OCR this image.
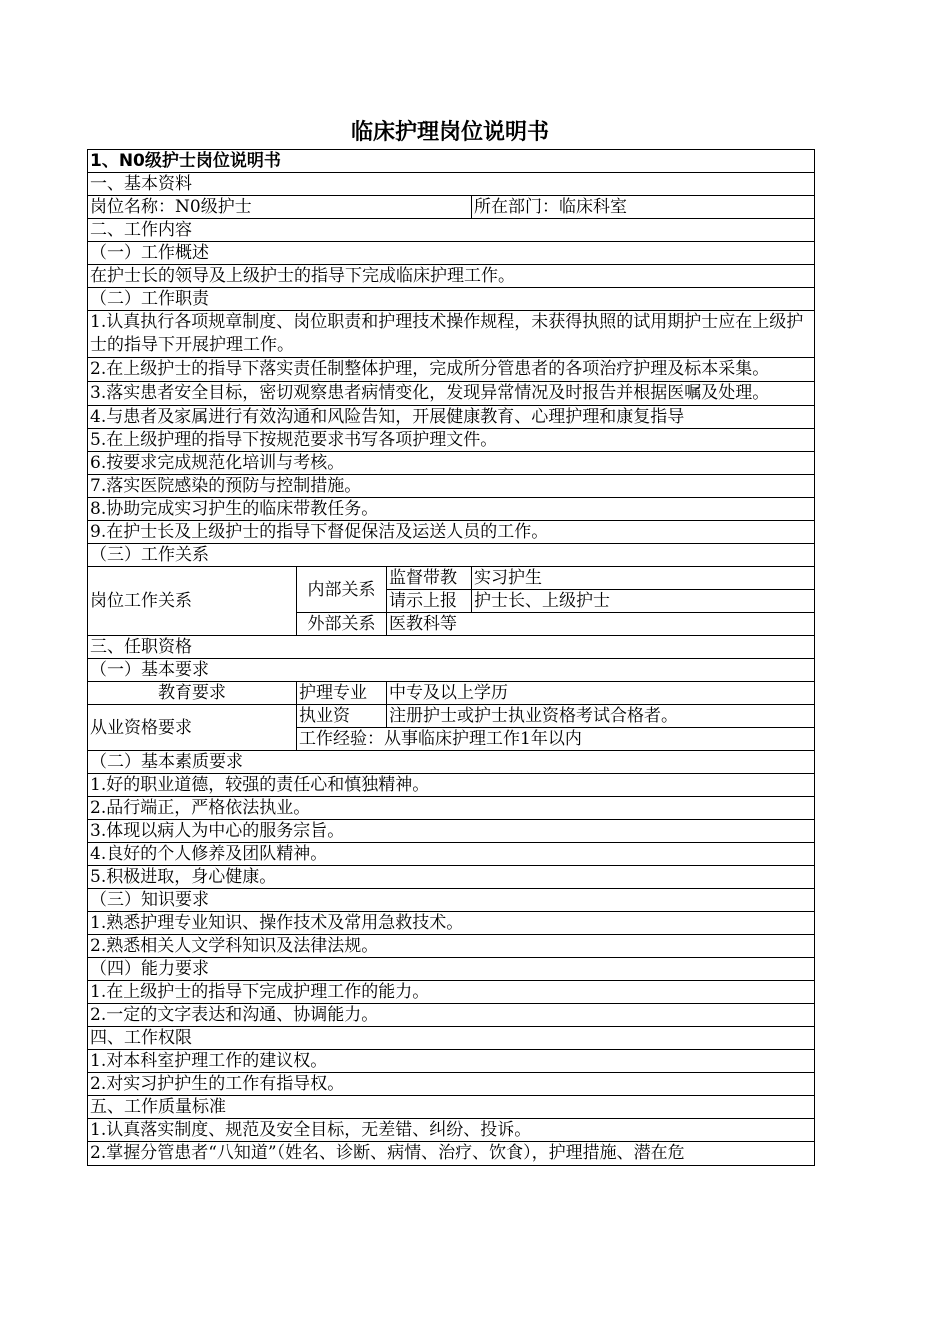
临床护理岗位说明书
1、N0级护士岗位说明书			
一、基本资料			
岗位名称：N0级护士			所在部门：临床科室
二、工作内容			
（一）工作概述			
在护士长的领导及上级护士的指导下完成临床护理工作。			
（二）工作职责			
1.认真执行各项规章制度、岗位职责和护理技术操作规程，未获得执照的试用期护士应在上级护士的指导下开展护理工作。			
2.在上级护士的指导下落实责任制整体护理，完成所分管患者的各项治疗护理及标本采集。			
3.落实患者安全目标，密切观察患者病情变化，发现异常情况及时报告并根据医嘱及处理。			
4.与患者及家属进行有效沟通和风险告知，开展健康教育、心理护理和康复指导			
5.在上级护理的指导下按规范要求书写各项护理文件。			
6.按要求完成规范化培训与考核。			
7.落实医院感染的预防与控制措施。			
8.协助完成实习护生的临床带教任务。			
9.在护士长及上级护士的指导下督促保洁及运送人员的工作。			
（三）工作关系			
岗位工作关系	内部关系	监督带教	实习护生
		请示上报	护士长、上级护士
	外部关系	医教科等	
三、任职资格			
（一）基本要求			
教育要求	护理专业	中专及以上学历	
从业资格要求	执业资	注册护士或护士执业资格考试合格者。	
	工作经验：从事临床护理工作1年以内		
（二）基本素质要求			
1.好的职业道德，较强的责任心和慎独精神。			
2.品行端正，严格依法执业。			
3.体现以病人为中心的服务宗旨。			
4.良好的个人修养及团队精神。			
5.积极进取，身心健康。			
（三）知识要求			
1.熟悉护理专业知识、操作技术及常用急救技术。			
2.熟悉相关人文学科知识及法律法规。			
（四）能力要求			
1.在上级护士的指导下完成护理工作的能力。			
2.一定的文字表达和沟通、协调能力。			
四、工作权限			
1.对本科室护理工作的建议权。			
2.对实习护护生的工作有指导权。			
五、工作质量标准			
1.认真落实制度、规范及安全目标，无差错、纠纷、投诉。			

2.掌握分管患者“八知道”（姓名、诊断、病情、治疗、饮食），护理措施、潜在危			
